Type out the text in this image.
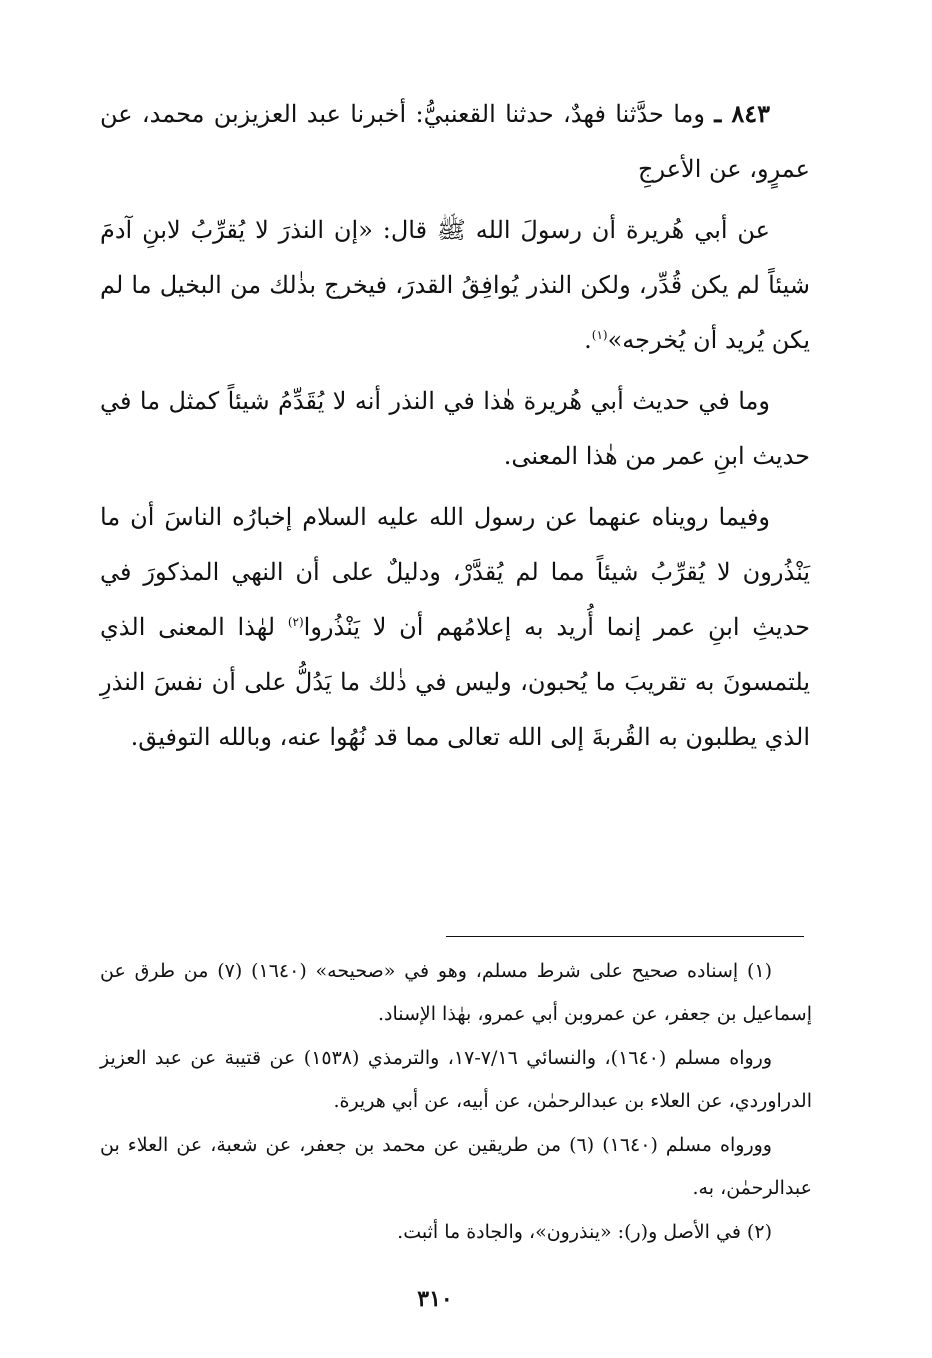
٨٤٣ ـ وما حدَّثنا فهدٌ، حدثنا القعنبيُّ: أخبرنا عبد العزيزبن محمد، عن عمرٍو، عن الأعرجِ

عن أبي هُريرة أن رسولَ الله ﷺ قال: «إن النذرَ لا يُقرِّبُ لابنِ آدمَ شيئاً لم يكن قُدِّر، ولكن النذر يُوافِقُ القدرَ، فيخرج بذٰلك من البخيل ما لم يكن يُريد أن يُخرجه»$^{(١)}$.

وما في حديث أبي هُريرة هٰذا في النذر أنه لا يُقَدِّمُ شيئاً كمثل ما في حديث ابنِ عمر من هٰذا المعنى.

وفيما رويناه عنهما عن رسول الله عليه السلام إخبارُه الناسَ أن ما يَنْذُرون لا يُقرِّبُ شيئاً مما لم يُقدَّرْ، ودليلٌ على أن النهي المذكورَ في حديثِ ابنِ عمر إنما أُريد به إعلامُهم أن لا يَنْذُروا$^{(٢)}$ لهٰذا المعنى الذي يلتمسونَ به تقريبَ ما يُحبون، وليس في ذٰلك ما يَدُلُّ على أن نفسَ النذرِ الذي يطلبون به القُربةَ إلى الله تعالى مما قد نُهُوا عنه، وبالله التوفيق.

(١) إسناده صحيح على شرط مسلم، وهو في «صحيحه» (١٦٤٠) (٧) من طرق عن إسماعيل بن جعفر، عن عمروبن أبي عمرو، بهٰذا الإسناد.

ورواه مسلم (١٦٤٠)، والنسائي ٧/١٦-١٧، والترمذي (١٥٣٨) عن قتيبة عن عبد العزيز الدراوردي، عن العلاء بن عبدالرحمٰن، عن أبيه، عن أبي هريرة.

وورواه مسلم (١٦٤٠) (٦) من طريقين عن محمد بن جعفر، عن شعبة، عن العلاء بن عبدالرحمٰن، به.

(٢) في الأصل و(ر): «ينذرون»، والجادة ما أثبت.

٣١٠
